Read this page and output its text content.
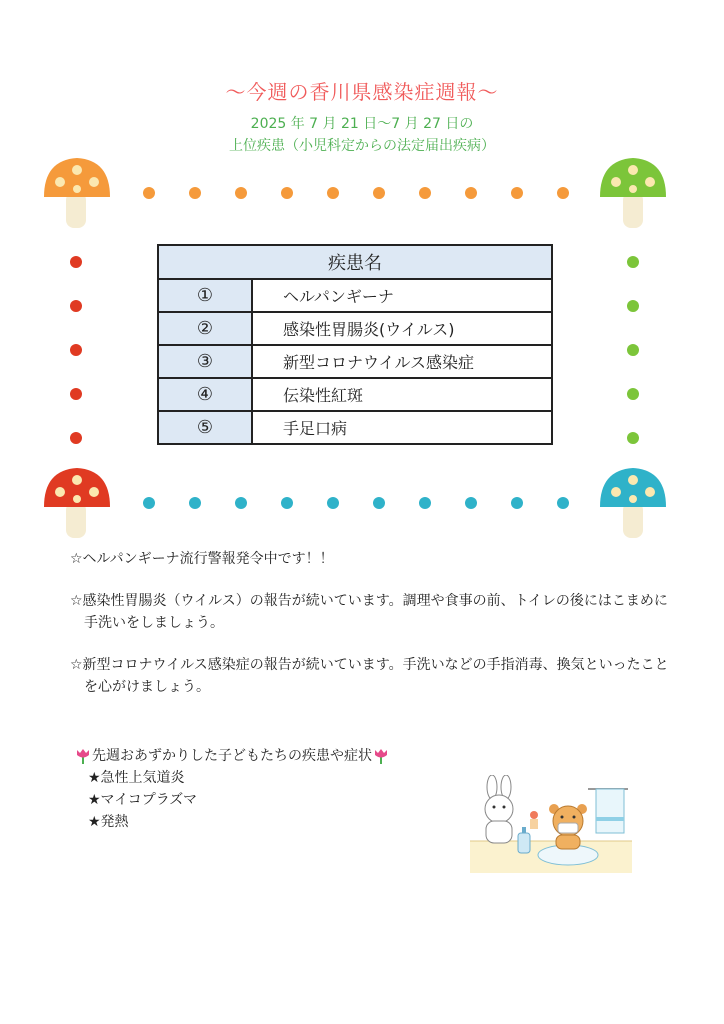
～今週の香川県感染症週報～
2025 年 7 月 21 日～7 月 27 日の
上位疾患（小児科定からの法定届出疾病）
疾患名	
①	ヘルパンギーナ
②	感染性胃腸炎(ウイルス)
③	新型コロナウイルス感染症
④	伝染性紅斑
⑤	手足口病

☆ヘルパンギーナ流行警報発令中です！！

☆感染性胃腸炎（ウイルス）の報告が続いています。調理や食事の前、トイレの後にはこまめに手洗いをしましょう。

☆新型コロナウイルス感染症の報告が続いています。手洗いなどの手指消毒、換気といったことを心がけましょう。

先週おあずかりした子どもたちの疾患や症状
★急性上気道炎
★マイコプラズマ
★発熱
